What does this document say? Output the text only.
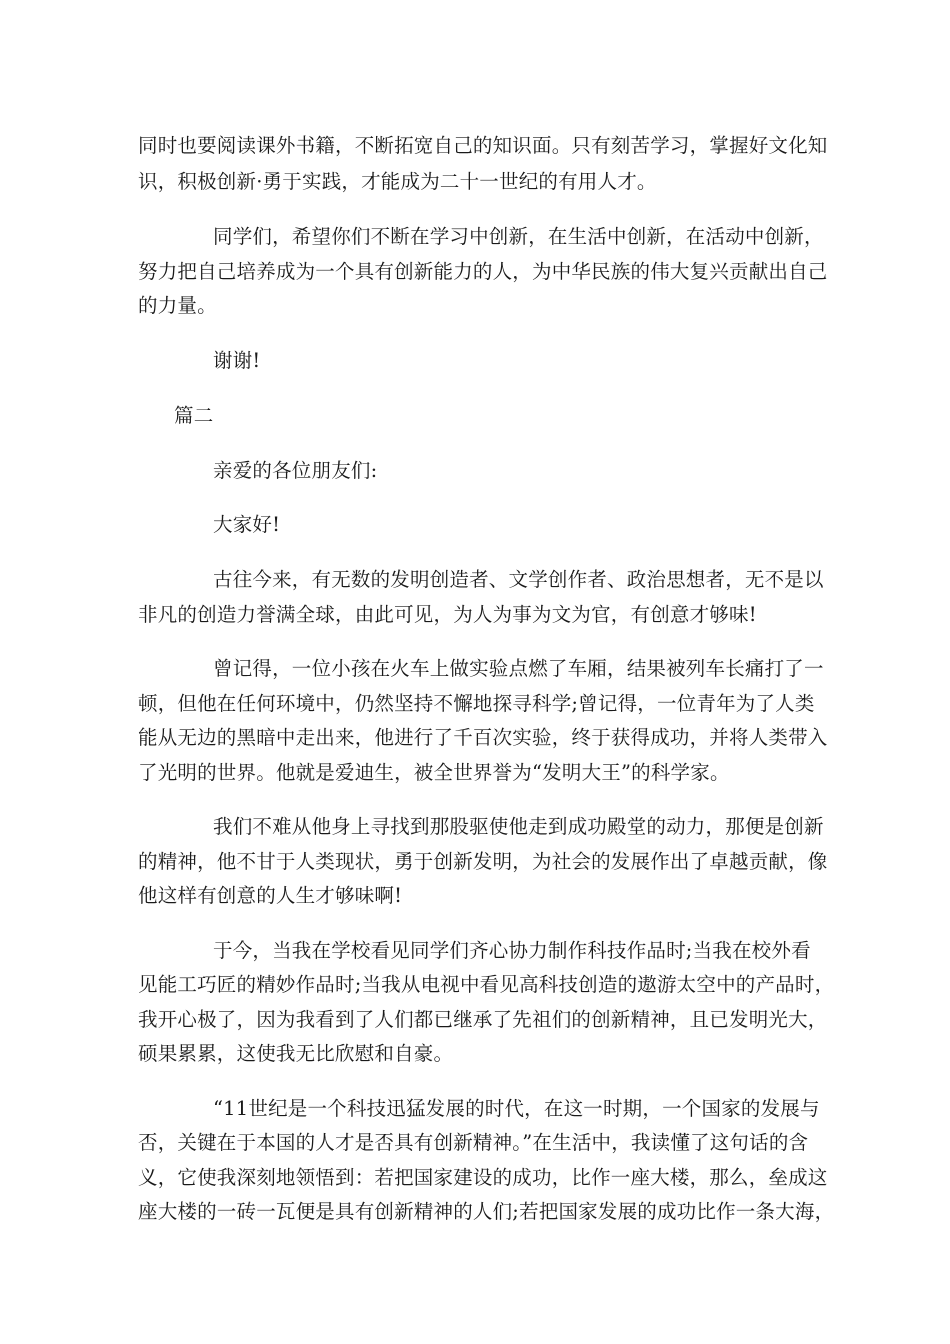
同时也要阅读课外书籍，不断拓宽自己的知识面。只有刻苦学习，掌握好文化知
识，积极创新·勇于实践，才能成为二十一世纪的有用人才。
同学们，希望你们不断在学习中创新，在生活中创新，在活动中创新，
努力把自己培养成为一个具有创新能力的人，为中华民族的伟大复兴贡献出自己
的力量。
谢谢!
篇二
亲爱的各位朋友们:
大家好!
古往今来，有无数的发明创造者、文学创作者、政治思想者，无不是以
非凡的创造力誉满全球，由此可见，为人为事为文为官，有创意才够味!
曾记得，一位小孩在火车上做实验点燃了车厢，结果被列车长痛打了一
顿，但他在任何环境中，仍然坚持不懈地探寻科学;曾记得，一位青年为了人类
能从无边的黑暗中走出来，他进行了千百次实验，终于获得成功，并将人类带入
了光明的世界。他就是爱迪生，被全世界誉为“发明大王”的科学家。
我们不难从他身上寻找到那股驱使他走到成功殿堂的动力，那便是创新
的精神，他不甘于人类现状，勇于创新发明，为社会的发展作出了卓越贡献，像
他这样有创意的人生才够味啊!
于今，当我在学校看见同学们齐心协力制作科技作品时;当我在校外看
见能工巧匠的精妙作品时;当我从电视中看见高科技创造的遨游太空中的产品时，
我开心极了，因为我看到了人们都已继承了先祖们的创新精神，且已发明光大，
硕果累累，这使我无比欣慰和自豪。
“11世纪是一个科技迅猛发展的时代，在这一时期，一个国家的发展与
否，关键在于本国的人才是否具有创新精神。”在生活中，我读懂了这句话的含
义，它使我深刻地领悟到：若把国家建设的成功，比作一座大楼，那么，垒成这
座大楼的一砖一瓦便是具有创新精神的人们;若把国家发展的成功比作一条大海，
